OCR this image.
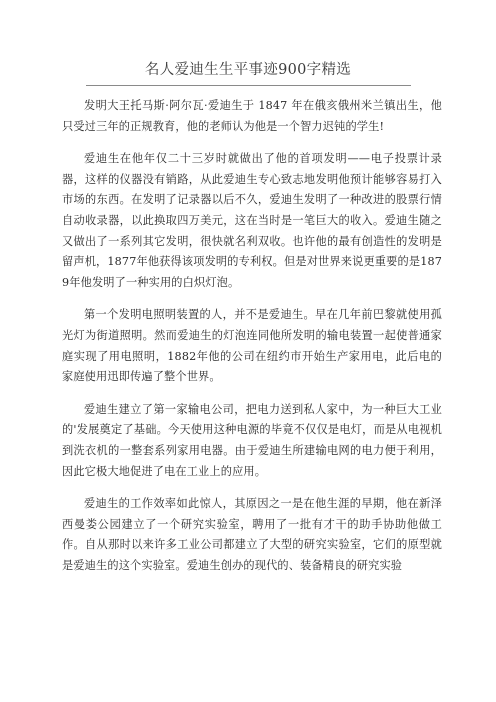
名人爱迪生生平事迹900字精选

发明大王托马斯·阿尔瓦·爱迪生于 1847 年在俄亥俄州米兰镇出生，他只受过三年的正规教育，他的老师认为他是一个智力迟钝的学生!

爱迪生在他年仅二十三岁时就做出了他的首项发明——电子投票计录器，这样的仪器没有销路，从此爱迪生专心致志地发明他预计能够容易打入市场的东西。在发明了记录器以后不久，爱迪生发明了一种改进的股票行情自动收录器，以此换取四万美元，这在当时是一笔巨大的收入。爱迪生随之又做出了一系列其它发明，很快就名利双收。也许他的最有创造性的发明是留声机，1877年他获得该项发明的专利权。但是对世界来说更重要的是1879年他发明了一种实用的白炽灯泡。

第一个发明电照明装置的人，并不是爱迪生。早在几年前巴黎就使用孤光灯为街道照明。然而爱迪生的灯泡连同他所发明的输电装置一起使普通家庭实现了用电照明，1882年他的公司在纽约市开始生产家用电，此后电的家庭使用迅即传遍了整个世界。

爱迪生建立了第一家输电公司，把电力送到私人家中，为一种巨大工业的'发展奠定了基础。今天使用这种电源的毕竟不仅仅是电灯，而是从电视机到洗衣机的一整套系列家用电器。由于爱迪生所建输电网的电力便于利用，因此它极大地促进了电在工业上的应用。

爱迪生的工作效率如此惊人，其原因之一是在他生涯的早期，他在新泽西曼娄公园建立了一个研究实验室，聘用了一批有才干的助手协助他做工作。自从那时以来许多工业公司都建立了大型的研究实验室，它们的原型就是爱迪生的这个实验室。爱迪生创办的现代的、装备精良的研究实验
